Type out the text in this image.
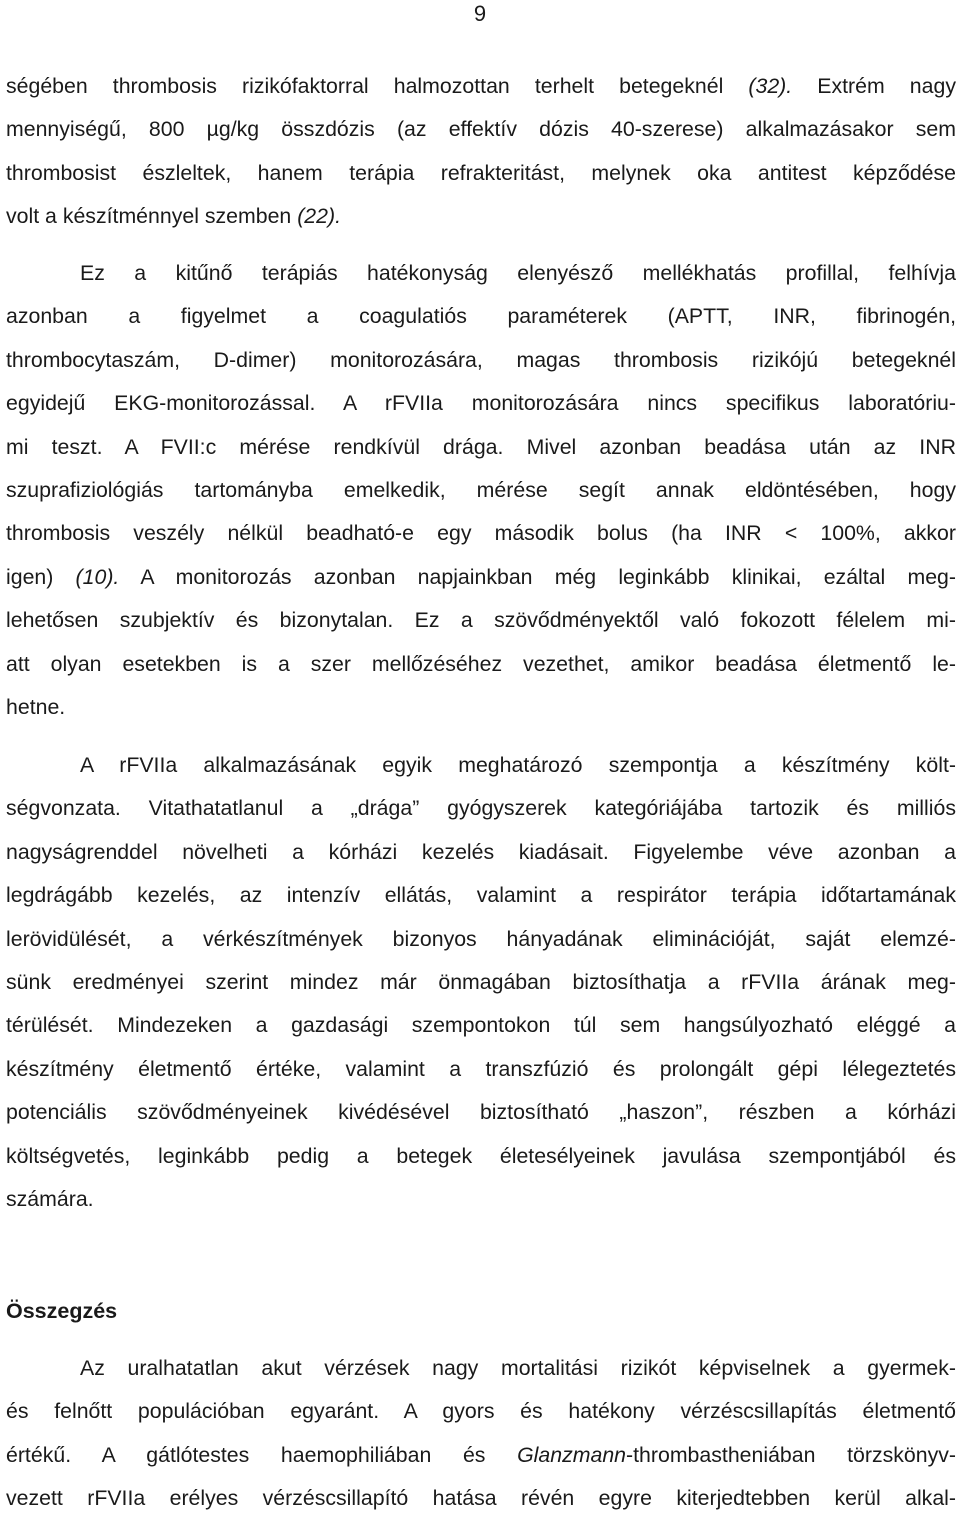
9
ségében thrombosis rizikófaktorral halmozottan terhelt betegeknél (32). Extrém nagy
mennyiségű, 800 µg/kg összdózis (az effektív dózis 40-szerese) alkalmazásakor sem
thrombosist észleltek, hanem terápia refrakteritást, melynek oka antitest képződése
volt a készítménnyel szemben (22).
Ez a kitűnő terápiás hatékonyság elenyésző mellékhatás profillal, felhívja
azonban a figyelmet a coagulatiós paraméterek (APTT, INR, fibrinogén,
thrombocytaszám, D-dimer) monitorozására, magas thrombosis rizikójú betegeknél
egyidejű EKG-monitorozással. A rFVIIa monitorozására nincs specifikus laboratóriu-
mi teszt. A FVII:c mérése rendkívül drága. Mivel azonban beadása után az INR
szuprafiziológiás tartományba emelkedik, mérése segít annak eldöntésében, hogy
thrombosis veszély nélkül beadható-e egy második bolus (ha INR < 100%, akkor
igen) (10). A monitorozás azonban napjainkban még leginkább klinikai, ezáltal meg-
lehetősen szubjektív és bizonytalan. Ez a szövődményektől való fokozott félelem mi-
att olyan esetekben is a szer mellőzéséhez vezethet, amikor beadása életmentő le-
hetne.
A rFVIIa alkalmazásának egyik meghatározó szempontja a készítmény költ-
ségvonzata. Vitathatatlanul a „drága” gyógyszerek kategóriájába tartozik és milliós
nagyságrenddel növelheti a kórházi kezelés kiadásait. Figyelembe véve azonban a
legdrágább kezelés, az intenzív ellátás, valamint a respirátor terápia időtartamának
lerövidülését, a vérkészítmények bizonyos hányadának eliminációját, saját elemzé-
sünk eredményei szerint mindez már önmagában biztosíthatja a rFVIIa árának meg-
térülését. Mindezeken a gazdasági szempontokon túl sem hangsúlyozható eléggé a
készítmény életmentő értéke, valamint a transzfúzió és prolongált gépi lélegeztetés
potenciális szövődményeinek kivédésével biztosítható „haszon”, részben a kórházi
költségvetés, leginkább pedig a betegek életesélyeinek javulása szempontjából és
számára.
Összegzés
Az uralhatatlan akut vérzések nagy mortalitási rizikót képviselnek a gyermek-
és felnőtt populációban egyaránt. A gyors és hatékony vérzéscsillapítás életmentő
értékű. A gátlótestes haemophiliában és Glanzmann-thrombastheniában törzskönyv-
vezett rFVIIa erélyes vérzéscsillapító hatása révén egyre kiterjedtebben kerül alkal-
